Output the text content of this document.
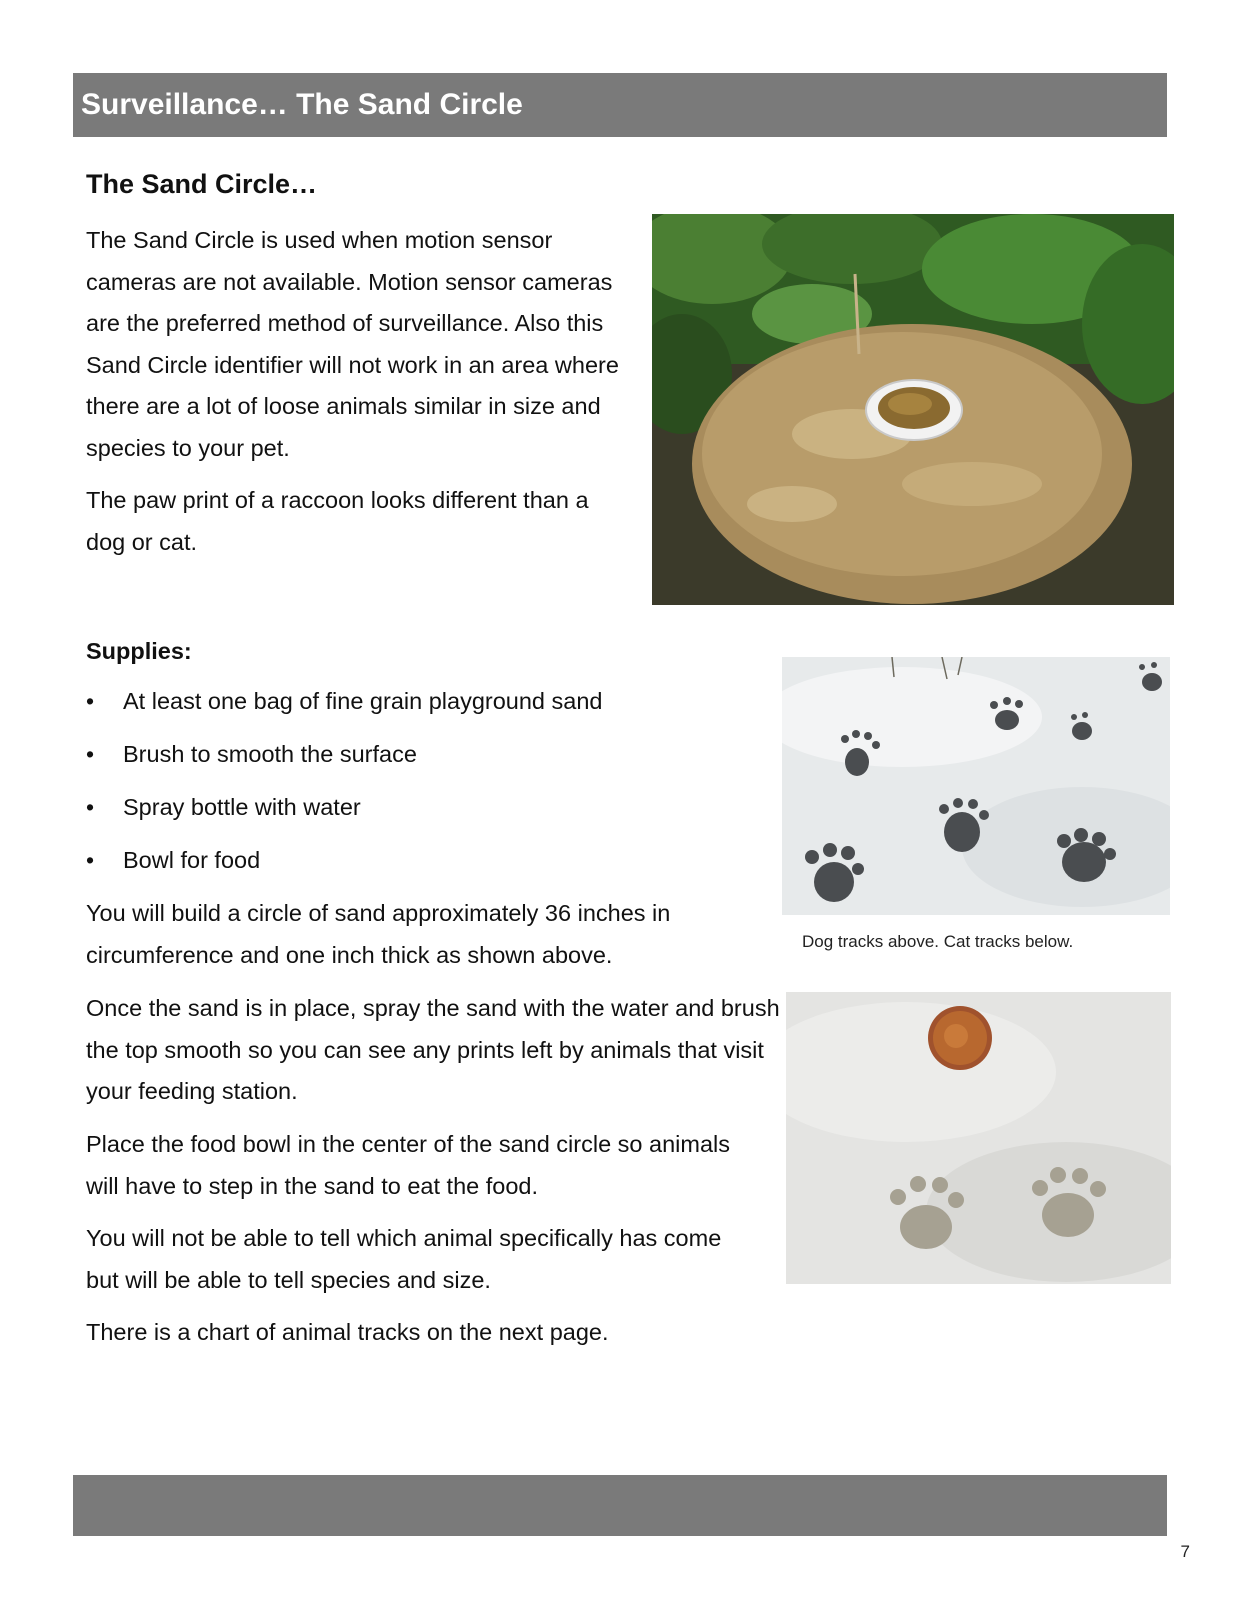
Surveillance… The Sand Circle
The Sand Circle…

The Sand Circle is used when motion sensor cameras are not available. Motion sensor cameras are the preferred method of surveillance. Also this Sand Circle identifier will not work in an area where there are a lot of loose animals similar in size and species to your pet.

The paw print of a raccoon looks different than a dog or cat.

Supplies:
• At least one bag of fine grain playground sand
• Brush to smooth the surface
• Spray bottle with water
• Bowl for food

You will build a circle of sand approximately 36 inches in circumference and one inch thick as shown above.

Once the sand is in place, spray the sand with the water and brush the top smooth so you can see any prints left by animals that visit your feeding station.

Place the food bowl in the center of the sand circle so animals will have to step in the sand to eat the food.

You will not be able to tell which animal specifically has come but will be able to tell species and size.

There is a chart of animal tracks on the next page.

Dog tracks above. Cat tracks below.

7
